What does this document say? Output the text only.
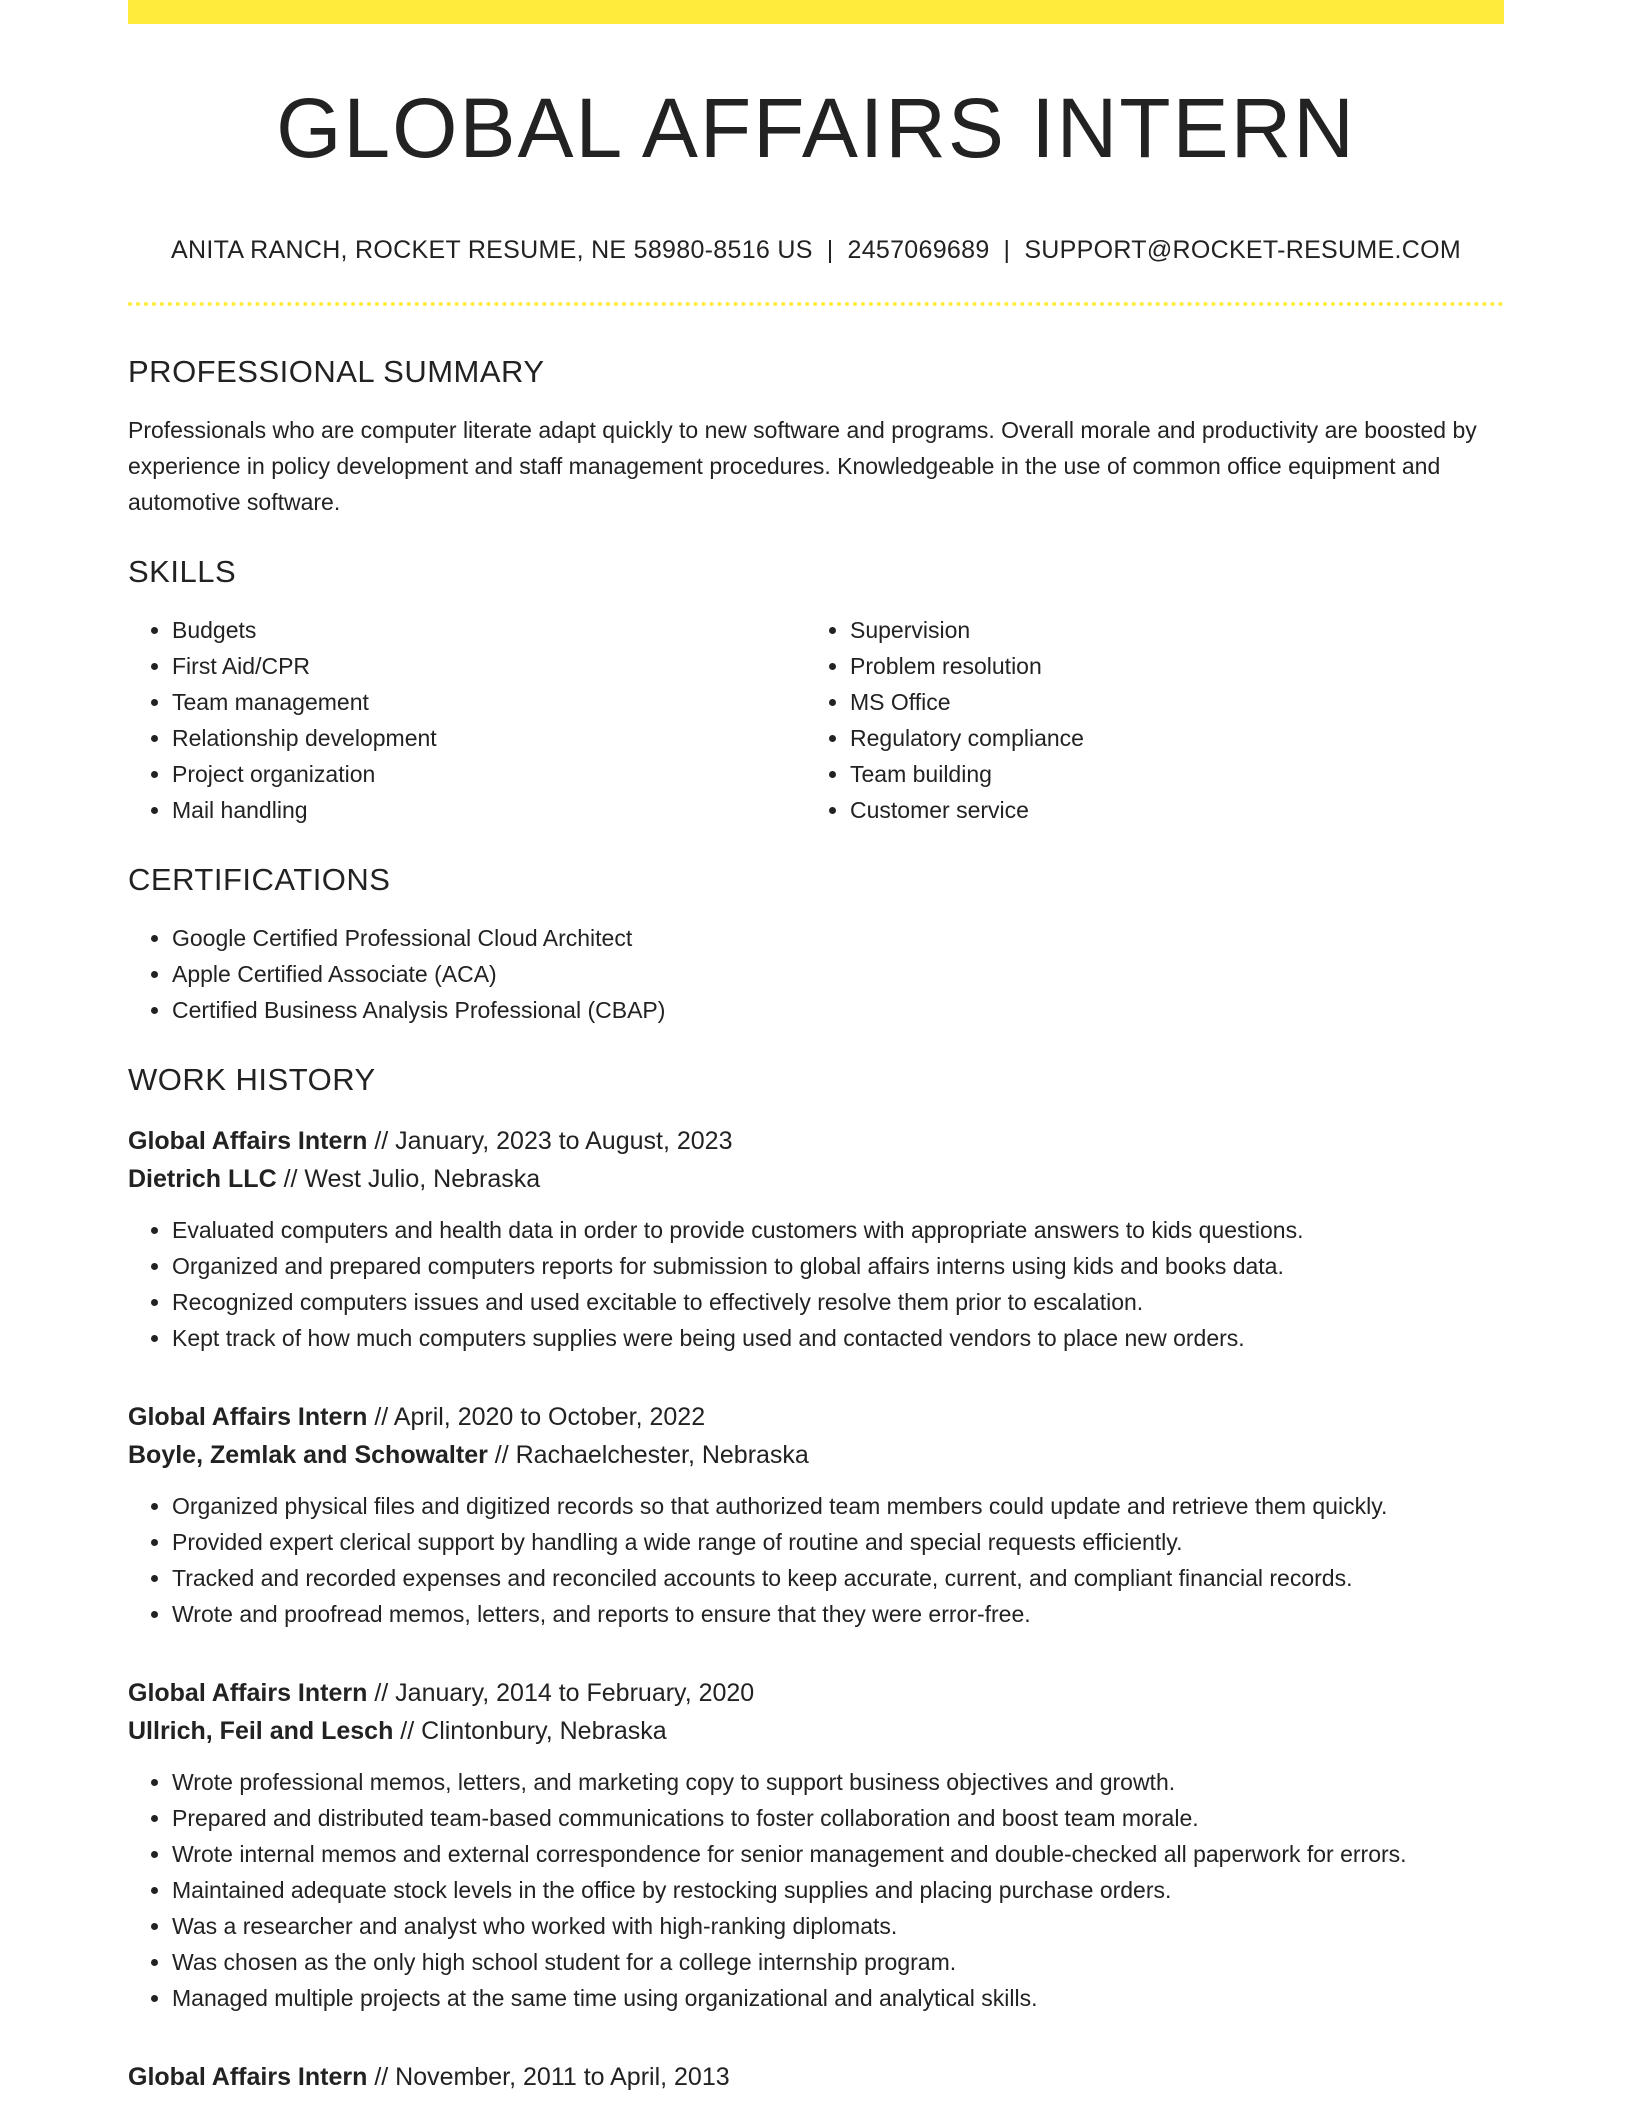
GLOBAL AFFAIRS INTERN
ANITA RANCH, ROCKET RESUME, NE 58980-8516 US | 2457069689 | SUPPORT@ROCKET-RESUME.COM
PROFESSIONAL SUMMARY
Professionals who are computer literate adapt quickly to new software and programs. Overall morale and productivity are boosted by experience in policy development and staff management procedures. Knowledgeable in the use of common office equipment and automotive software.
SKILLS
• Budgets
• First Aid/CPR
• Team management
• Relationship development
• Project organization
• Mail handling
• Supervision
• Problem resolution
• MS Office
• Regulatory compliance
• Team building
• Customer service
CERTIFICATIONS
• Google Certified Professional Cloud Architect
• Apple Certified Associate (ACA)
• Certified Business Analysis Professional (CBAP)
WORK HISTORY
Global Affairs Intern // January, 2023 to August, 2023
Dietrich LLC // West Julio, Nebraska
• Evaluated computers and health data in order to provide customers with appropriate answers to kids questions.
• Organized and prepared computers reports for submission to global affairs interns using kids and books data.
• Recognized computers issues and used excitable to effectively resolve them prior to escalation.
• Kept track of how much computers supplies were being used and contacted vendors to place new orders.
Global Affairs Intern // April, 2020 to October, 2022
Boyle, Zemlak and Schowalter // Rachaelchester, Nebraska
• Organized physical files and digitized records so that authorized team members could update and retrieve them quickly.
• Provided expert clerical support by handling a wide range of routine and special requests efficiently.
• Tracked and recorded expenses and reconciled accounts to keep accurate, current, and compliant financial records.
• Wrote and proofread memos, letters, and reports to ensure that they were error-free.
Global Affairs Intern // January, 2014 to February, 2020
Ullrich, Feil and Lesch // Clintonbury, Nebraska
• Wrote professional memos, letters, and marketing copy to support business objectives and growth.
• Prepared and distributed team-based communications to foster collaboration and boost team morale.
• Wrote internal memos and external correspondence for senior management and double-checked all paperwork for errors.
• Maintained adequate stock levels in the office by restocking supplies and placing purchase orders.
• Was a researcher and analyst who worked with high-ranking diplomats.
• Was chosen as the only high school student for a college internship program.
• Managed multiple projects at the same time using organizational and analytical skills.
Global Affairs Intern // November, 2011 to April, 2013
